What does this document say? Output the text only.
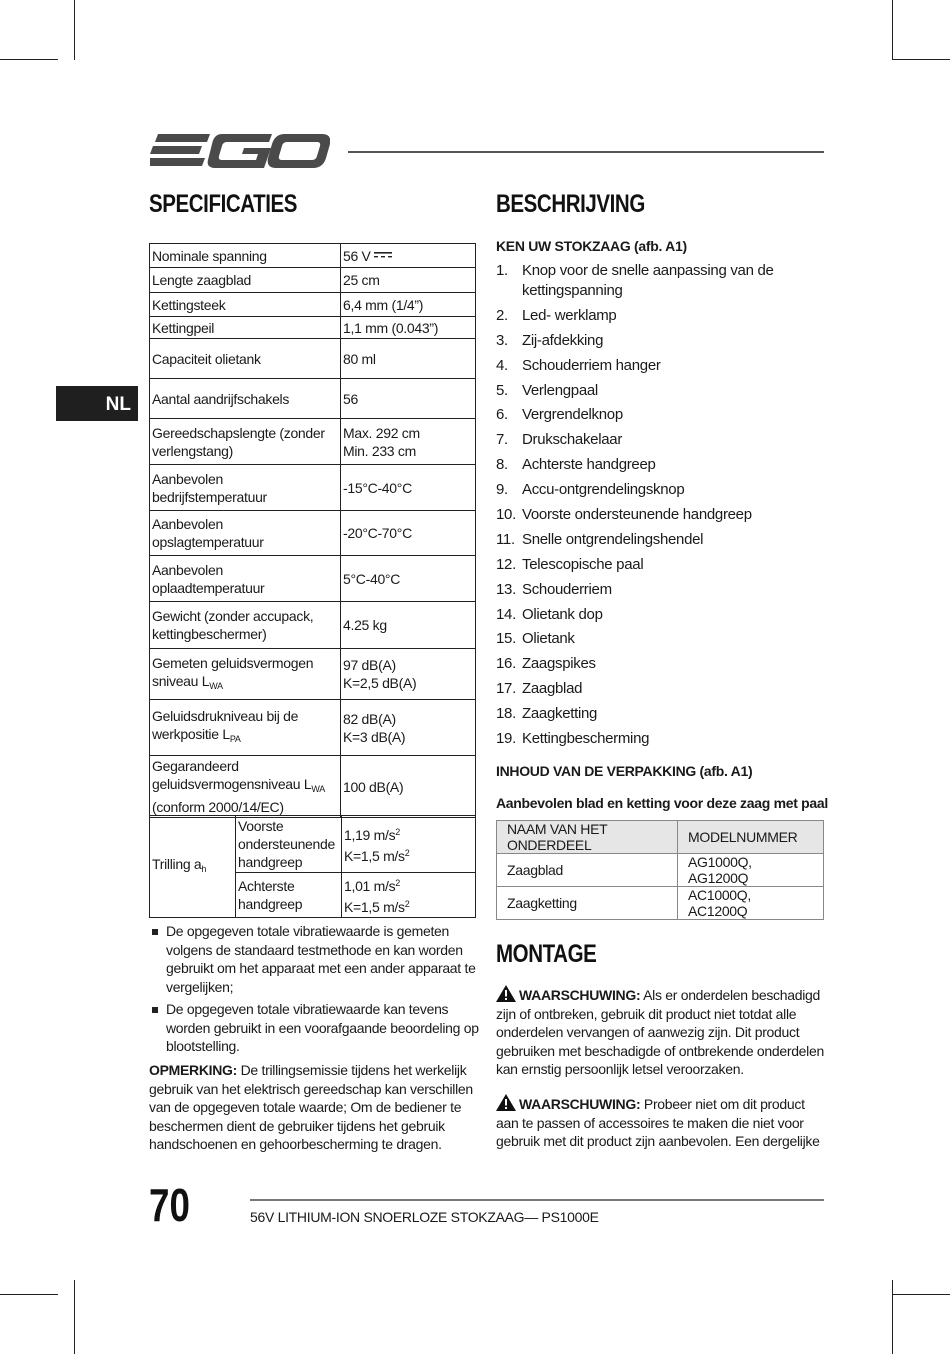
NL
SPECIFICATIES
Nominale spanning	56 V
Lengte zaagblad	25 cm
Kettingsteek	6,4 mm (1/4”)
Kettingpeil	1,1 mm (0.043”)
Capaciteit olietank	80 ml
Aantal aandrijfschakels	56
Gereedschapslengte (zonder verlengstang)	Max. 292 cm
Min. 233 cm
Aanbevolen bedrijfstemperatuur	-15°C-40°C
Aanbevolen opslagtemperatuur	-20°C-70°C
Aanbevolen oplaadtemperatuur	5°C-40°C
Gewicht (zonder accupack, kettingbeschermer)	4.25 kg
Gemeten geluidsvermogen sniveau $L_{WA}$	97 dB(A)
K=2,5 dB(A)
Geluidsdrukniveau bij de werkpositie $L_{PA}$	82 dB(A)
K=3 dB(A)
Gegarandeerd geluidsvermogensniveau $L_{WA}$
(conform 2000/14/EC)	100 dB(A)
Trilling $a_h$	Voorste ondersteunende handgreep	1,19 $m/s^2$
K=1,5 $m/s^2$
	Achterste handgreep	1,01 $m/s^2$
K=1,5 $m/s^2$
De opgegeven totale vibratiewaarde is gemeten volgens de standaard testmethode en kan worden gebruikt om het apparaat met een ander apparaat te vergelijken;
De opgegeven totale vibratiewaarde kan tevens worden gebruikt in een voorafgaande beoordeling op blootstelling.

OPMERKING: De trillingsemissie tijdens het werkelijk gebruik van het elektrisch gereedschap kan verschillen van de opgegeven totale waarde; Om de bediener te beschermen dient de gebruiker tijdens het gebruik handschoenen en gehoorbescherming te dragen.

BESCHRIJVING

KEN UW STOKZAAG (afb. A1)

1. Knop voor de snelle aanpassing van de kettingspanning
2. Led- werklamp
3. Zij-afdekking
4. Schouderriem hanger
5. Verlengpaal
6. Vergrendelknop
7. Drukschakelaar
8. Achterste handgreep
9. Accu-ontgrendelingsknop
10. Voorste ondersteunende handgreep
11. Snelle ontgrendelingshendel
12. Telescopische paal
13. Schouderriem
14. Olietank dop
15. Olietank
16. Zaagspikes
17. Zaagblad
18. Zaagketting
19. Kettingbescherming

INHOUD VAN DE VERPAKKING (afb. A1)

Aanbevolen blad en ketting voor deze zaag met paal

NAAM VAN HET ONDERDEEL	MODELNUMMER
Zaagblad	AG1000Q, AG1200Q
Zaagketting	AC1000Q, AC1200Q
MONTAGE

WAARSCHUWING: Als er onderdelen beschadigd zijn of ontbreken, gebruik dit product niet totdat alle onderdelen vervangen of aanwezig zijn. Dit product gebruiken met beschadigde of ontbrekende onderdelen kan ernstig persoonlijk letsel veroorzaken.

WAARSCHUWING: Probeer niet om dit product aan te passen of accessoires te maken die niet voor gebruik met dit product zijn aanbevolen. Een dergelijke

70	56V LITHIUM-ION SNOERLOZE STOKZAAG— PS1000E
